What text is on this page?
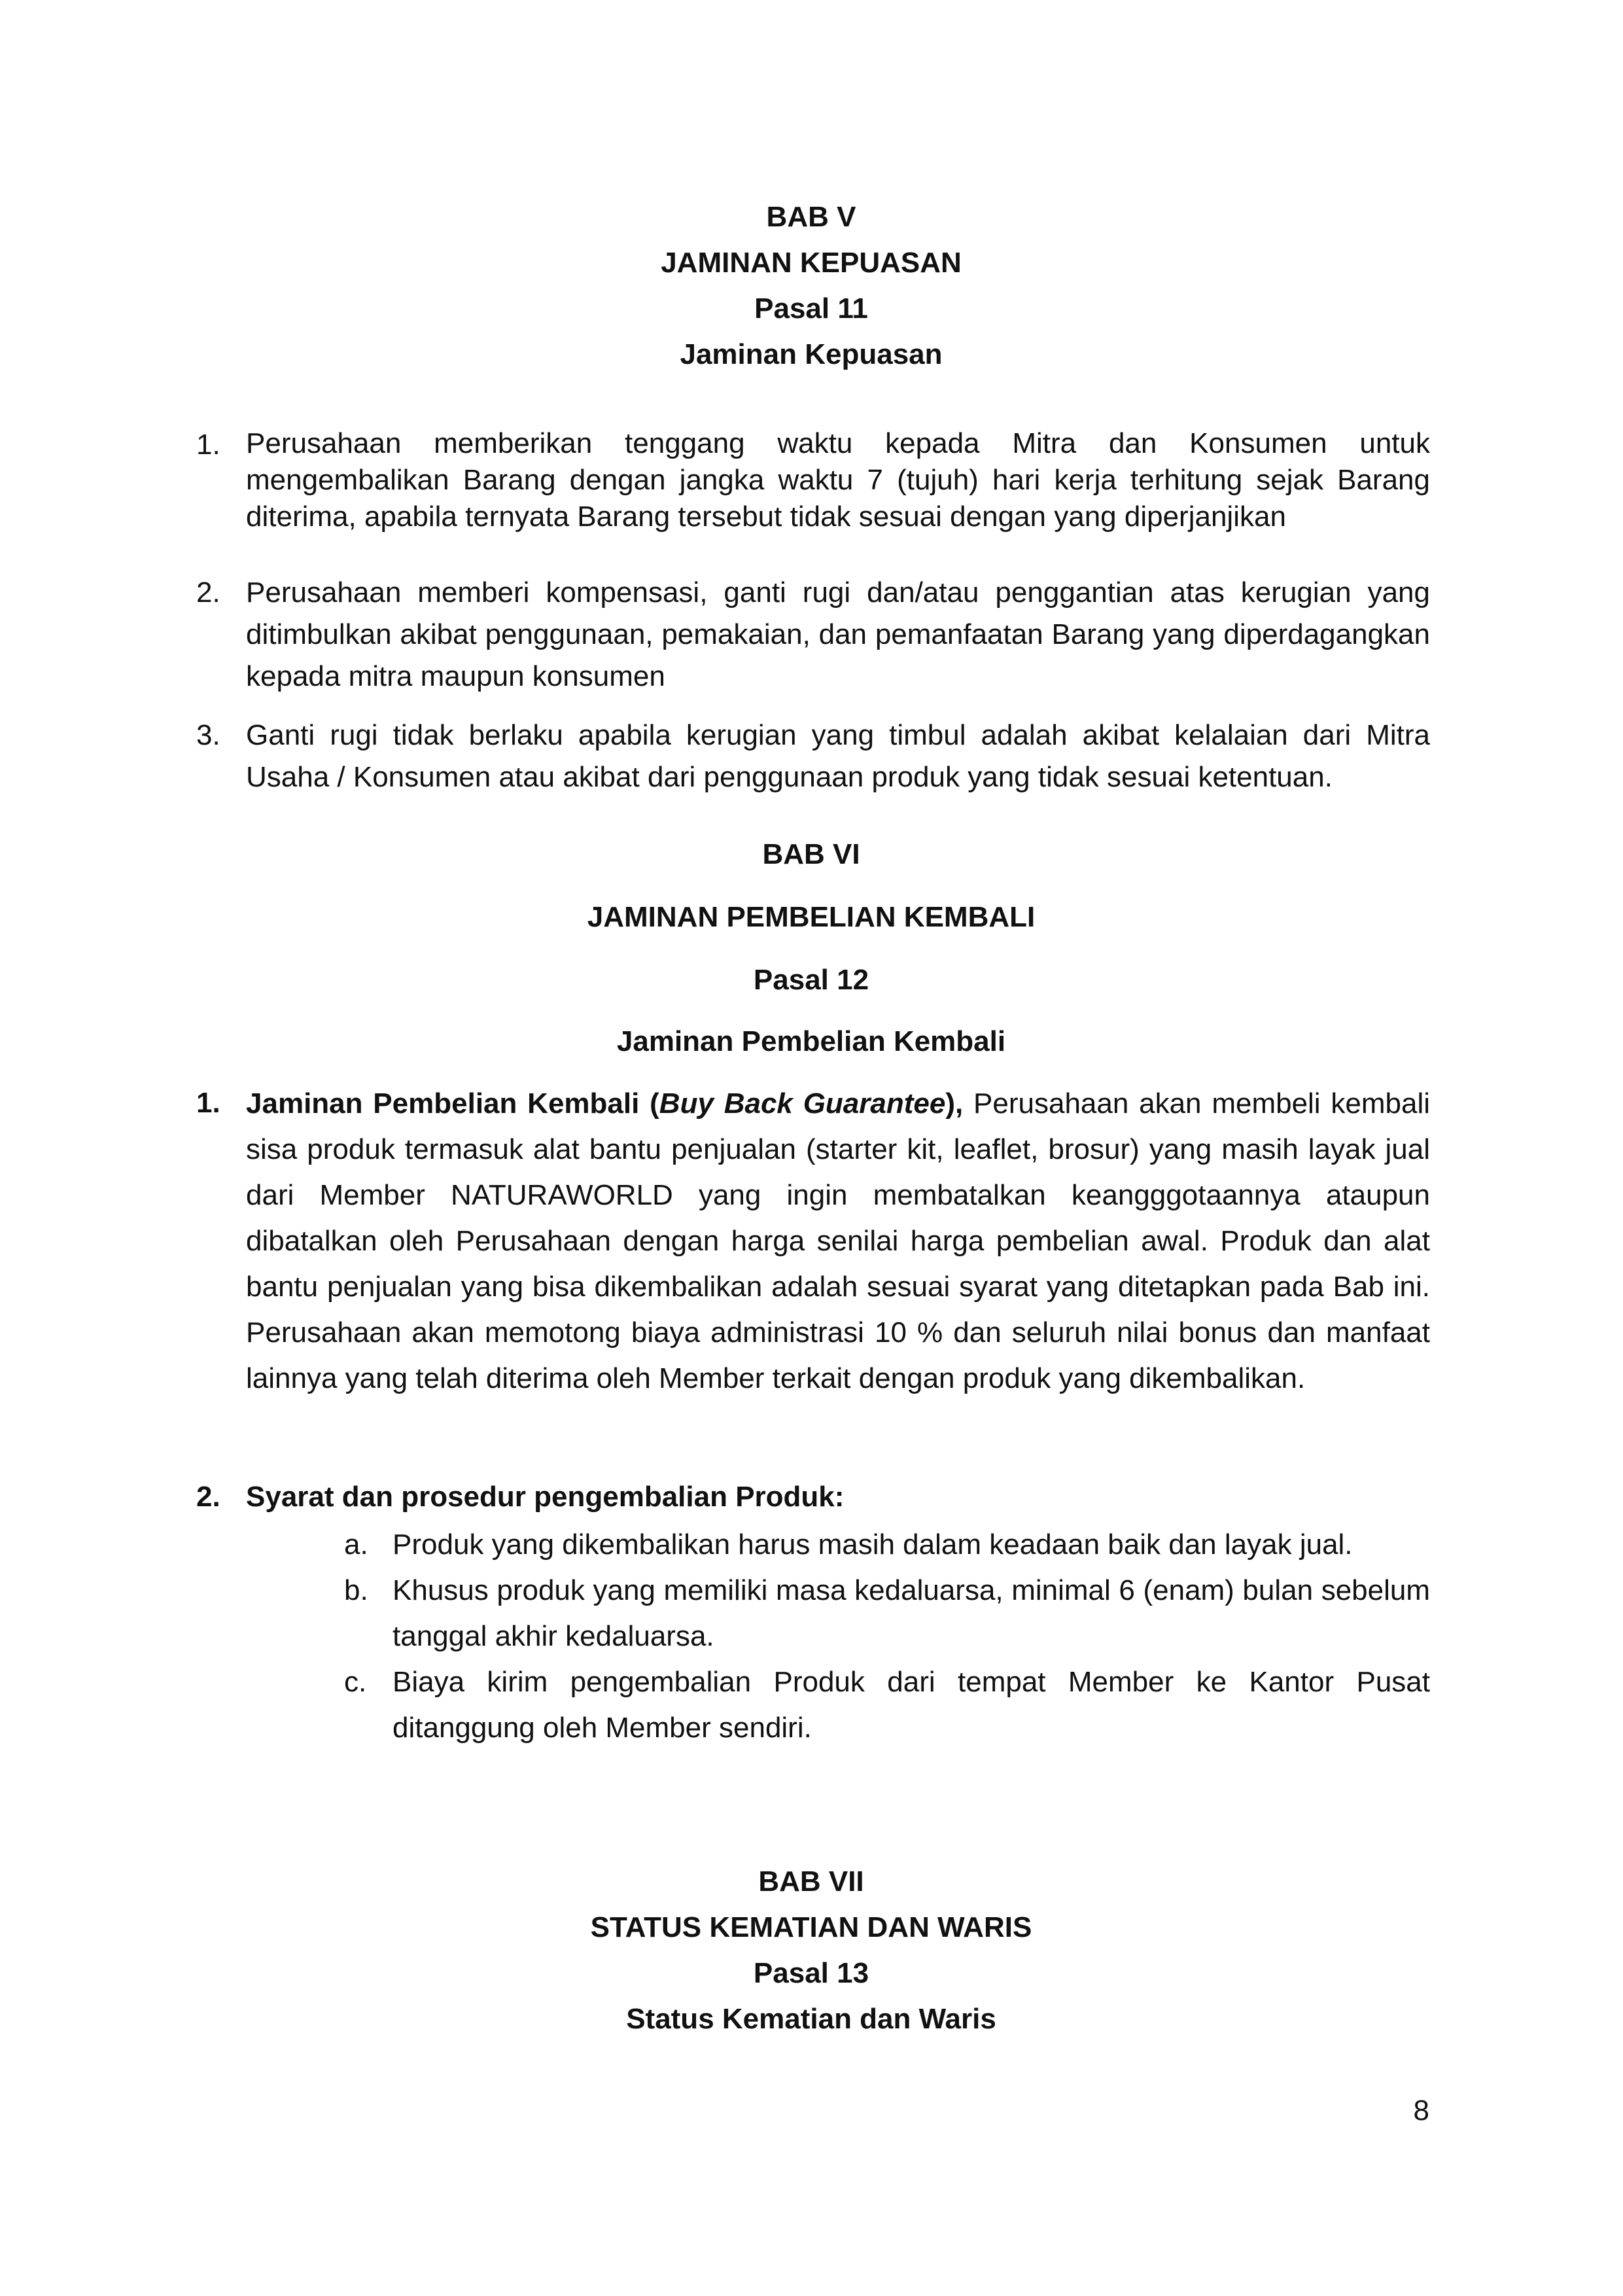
BAB V
JAMINAN KEPUASAN
Pasal 11
Jaminan Kepuasan
1. Perusahaan memberikan tenggang waktu kepada Mitra dan Konsumen untuk mengembalikan Barang dengan jangka waktu 7 (tujuh) hari kerja terhitung sejak Barang diterima, apabila ternyata Barang tersebut tidak sesuai dengan yang diperjanjikan
2. Perusahaan memberi kompensasi, ganti rugi dan/atau penggantian atas kerugian yang ditimbulkan akibat penggunaan, pemakaian, dan pemanfaatan Barang yang diperdagangkan kepada mitra maupun konsumen
3. Ganti rugi tidak berlaku apabila kerugian yang timbul adalah akibat kelalaian dari Mitra Usaha / Konsumen atau akibat dari penggunaan produk yang tidak sesuai ketentuan.
BAB VI
JAMINAN PEMBELIAN KEMBALI
Pasal 12
Jaminan Pembelian Kembali
1. Jaminan Pembelian Kembali (Buy Back Guarantee), Perusahaan akan membeli kembali sisa produk termasuk alat bantu penjualan (starter kit, leaflet, brosur) yang masih layak jual dari Member NATURAWORLD yang ingin membatalkan keangggotaannya ataupun dibatalkan oleh Perusahaan dengan harga senilai harga pembelian awal. Produk dan alat bantu penjualan yang bisa dikembalikan adalah sesuai syarat yang ditetapkan pada Bab ini. Perusahaan akan memotong biaya administrasi 10 % dan seluruh nilai bonus dan manfaat lainnya yang telah diterima oleh Member terkait dengan produk yang dikembalikan.
2. Syarat dan prosedur pengembalian Produk:
a. Produk yang dikembalikan harus masih dalam keadaan baik dan layak jual.
b. Khusus produk yang memiliki masa kedaluarsa, minimal 6 (enam) bulan sebelum tanggal akhir kedaluarsa.
c. Biaya kirim pengembalian Produk dari tempat Member ke Kantor Pusat ditanggung oleh Member sendiri.
BAB VII
STATUS KEMATIAN DAN WARIS
Pasal 13
Status Kematian dan Waris
8
